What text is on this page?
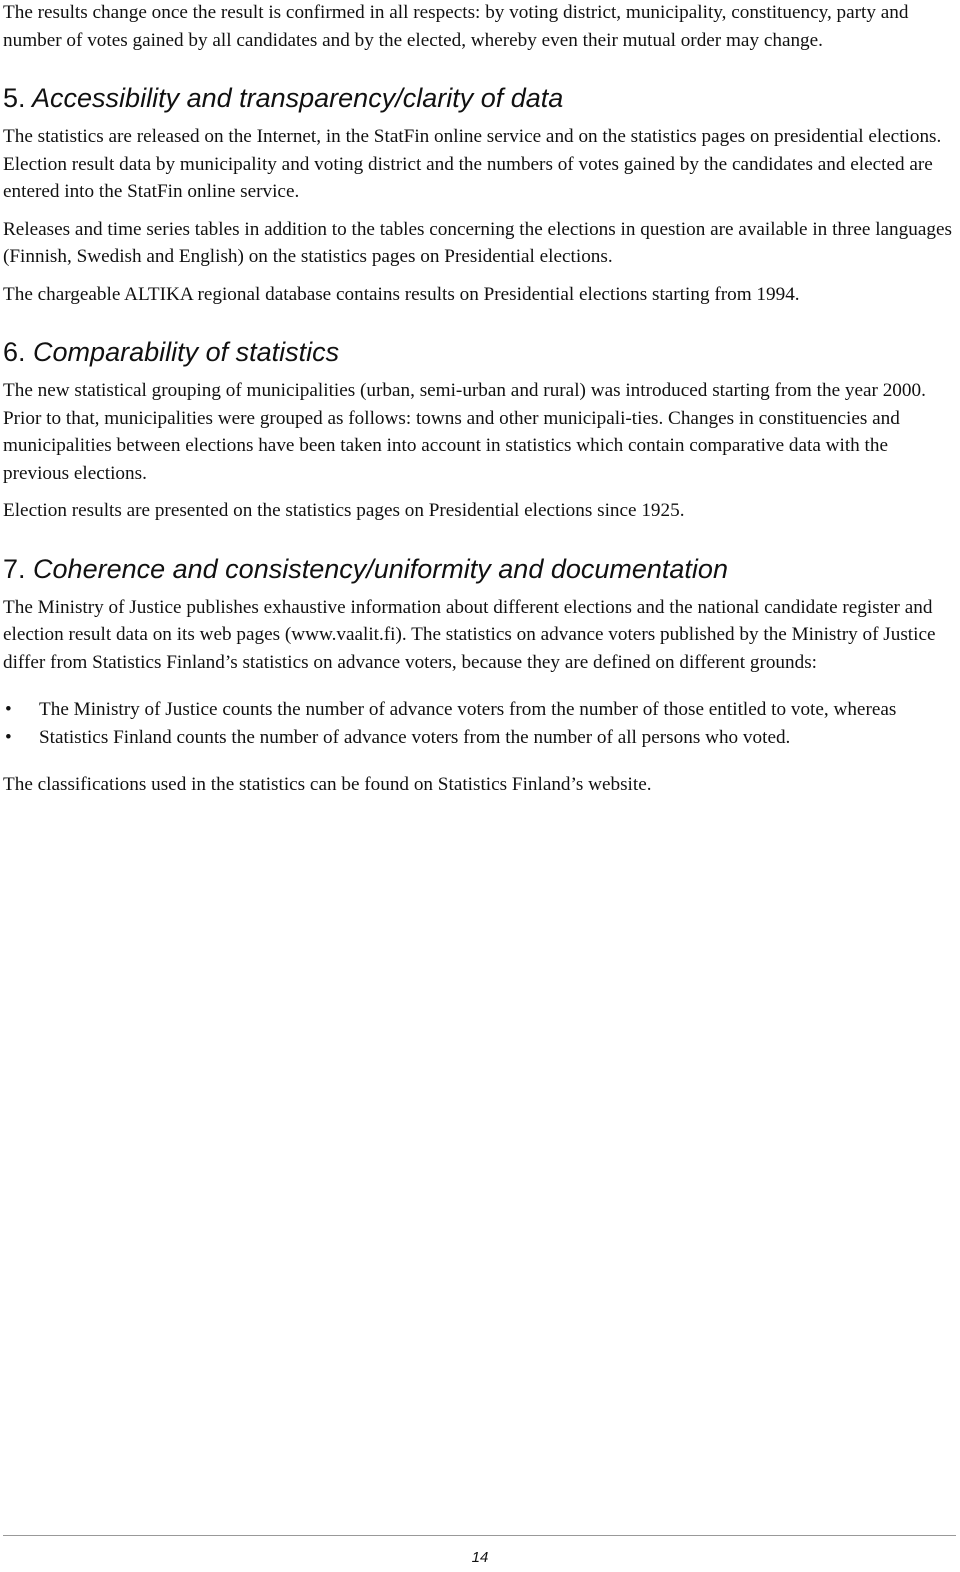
The results change once the result is confirmed in all respects: by voting district, municipality, constituency, party and number of votes gained by all candidates and by the elected, whereby even their mutual order may change.

5. Accessibility and transparency/clarity of data

The statistics are released on the Internet, in the StatFin online service and on the statistics pages on presidential elections. Election result data by municipality and voting district and the numbers of votes gained by the candidates and elected are entered into the StatFin online service.

Releases and time series tables in addition to the tables concerning the elections in question are available in three languages (Finnish, Swedish and English) on the statistics pages on Presidential elections.

The chargeable ALTIKA regional database contains results on Presidential elections starting from 1994.

6. Comparability of statistics

The new statistical grouping of municipalities (urban, semi-urban and rural) was introduced starting from the year 2000. Prior to that, municipalities were grouped as follows: towns and other municipali-ties. Changes in constituencies and municipalities between elections have been taken into account in statistics which contain comparative data with the previous elections.

Election results are presented on the statistics pages on Presidential elections since 1925.

7. Coherence and consistency/uniformity and documentation

The Ministry of Justice publishes exhaustive information about different elections and the national candidate register and election result data on its web pages (www.vaalit.fi). The statistics on advance voters published by the Ministry of Justice differ from Statistics Finland’s statistics on advance voters, because they are defined on different grounds:

• The Ministry of Justice counts the number of advance voters from the number of those entitled to vote, whereas
• Statistics Finland counts the number of advance voters from the number of all persons who voted.

The classifications used in the statistics can be found on Statistics Finland’s website.

14
